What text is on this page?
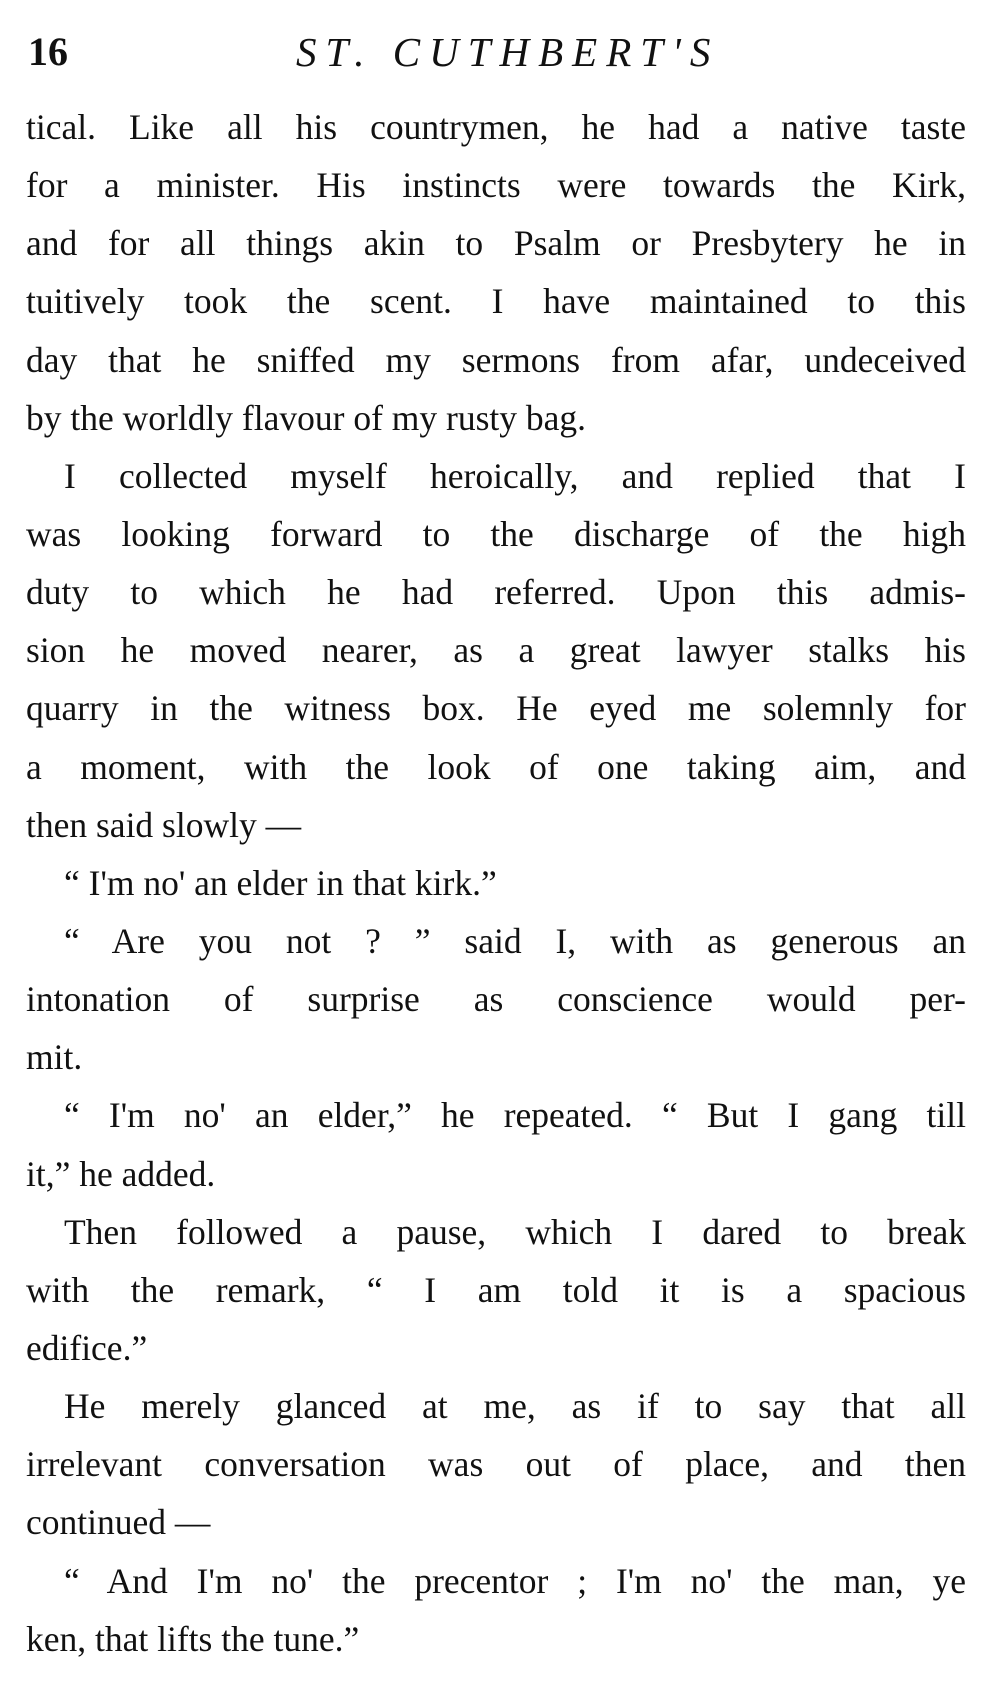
16	ST. CUTHBERT'S
tical. Like all his countrymen, he had a native taste
for a minister. His instincts were towards the Kirk,
and for all things akin to Psalm or Presbytery he in
tuitively took the scent. I have maintained to this
day that he sniffed my sermons from afar, undeceived
by the worldly flavour of my rusty bag.
I collected myself heroically, and replied that I
was looking forward to the discharge of the high
duty to which he had referred. Upon this admis-
sion he moved nearer, as a great lawyer stalks his
quarry in the witness box. He eyed me solemnly for
a moment, with the look of one taking aim, and
then said slowly —
“ I'm no' an elder in that kirk.”
“ Are you not ? ” said I, with as generous an
intonation of surprise as conscience would per-
mit.
“ I'm no' an elder,” he repeated. “ But I gang till
it,” he added.
Then followed a pause, which I dared to break
with the remark, “ I am told it is a spacious
edifice.”
He merely glanced at me, as if to say that all
irrelevant conversation was out of place, and then
continued —
“ And I'm no' the precentor ; I'm no' the man, ye
ken, that lifts the tune.”
